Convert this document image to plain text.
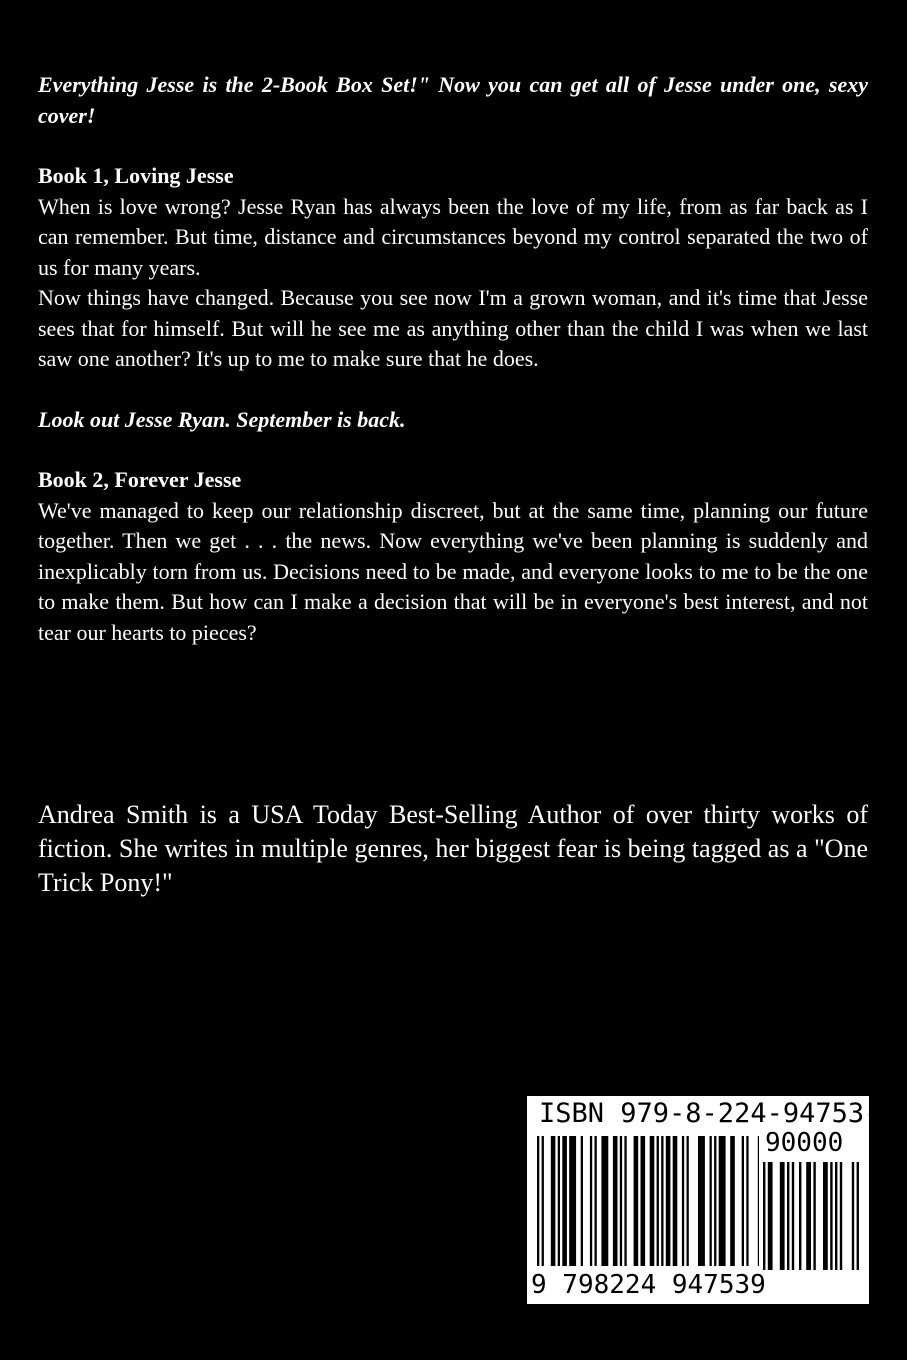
Everything Jesse is the 2-Book Box Set!" Now you can get all of Jesse under one, sexy cover!

Book 1, Loving Jesse

When is love wrong? Jesse Ryan has always been the love of my life, from as far back as I can remember. But time, distance and circumstances beyond my control separated the two of us for many years.

Now things have changed. Because you see now I'm a grown woman, and it's time that Jesse sees that for himself. But will he see me as anything other than the child I was when we last saw one another? It's up to me to make sure that he does.

Look out Jesse Ryan. September is back.

Book 2, Forever Jesse

We've managed to keep our relationship discreet, but at the same time, planning our future together. Then we get . . . the news. Now everything we've been planning is suddenly and inexplicably torn from us. Decisions need to be made, and everyone looks to me to be the one to make them. But how can I make a decision that will be in everyone's best interest, and not tear our hearts to pieces?

Andrea Smith is a USA Today Best-Selling Author of over thirty works of fiction. She writes in multiple genres, her biggest fear is being tagged as a "One Trick Pony!"

ISBN 979-8-224-94753-9
90000
9 798224 947539
